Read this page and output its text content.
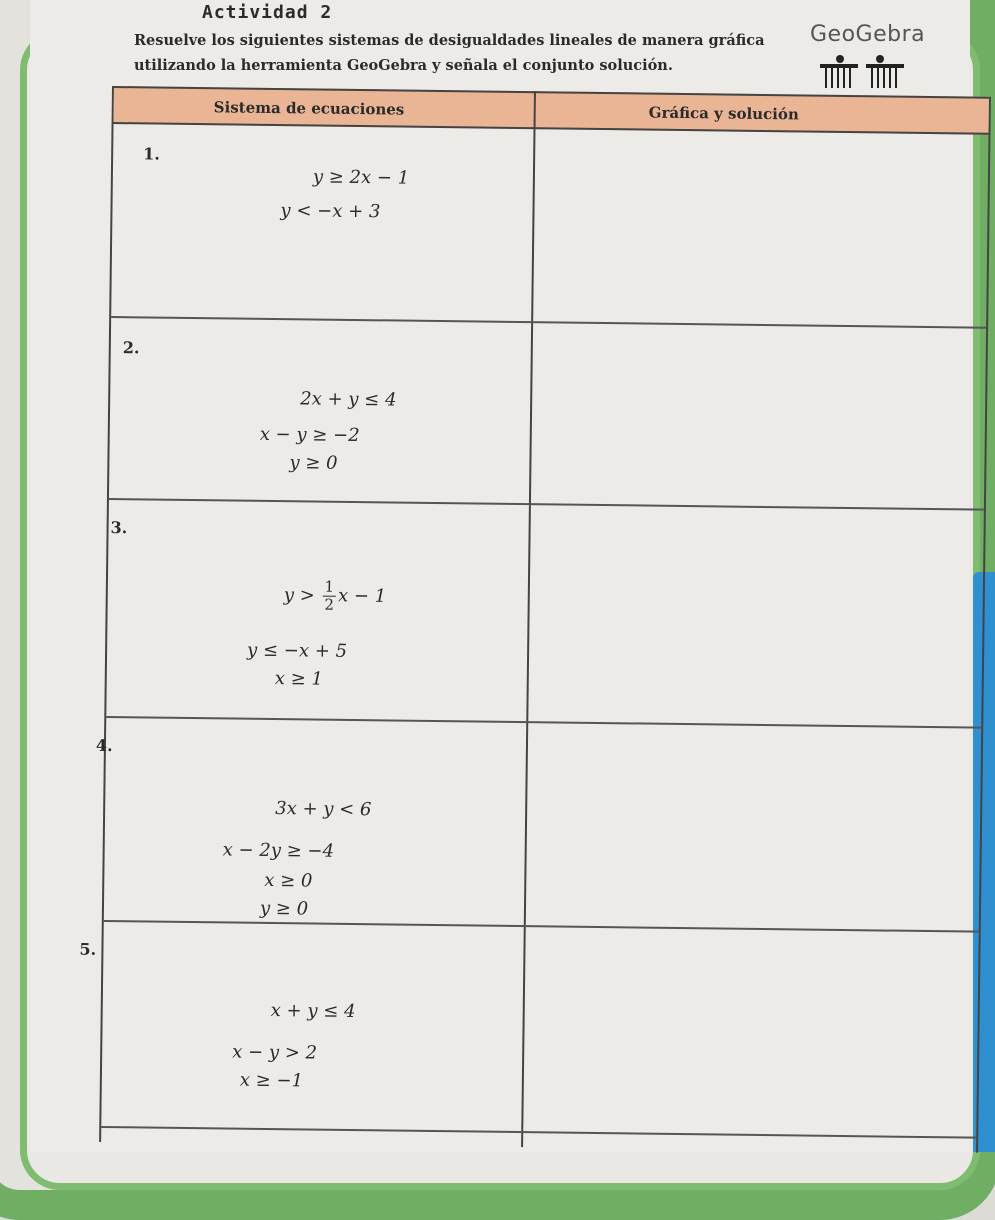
Actividad 2
Resuelve los siguientes sistemas de desigualdades lineales de manera gráfica utilizando la herramienta GeoGebra y señala el conjunto solución.
GeoGebra
Sistema de ecuaciones	Gráfica y solución
1.
y ≥ 2x − 1
y < −x + 3
2.
2x + y ≤ 4
x − y ≥ −2
y ≥ 0
3.
$y > \frac{1}{2}$ x − 1
y ≤ −x + 5
x ≥ 1
4.
3x + y < 6
x − 2y ≥ −4
x ≥ 0
y ≥ 0
5.
x + y ≤ 4
x − y > 2
x ≥ −1
